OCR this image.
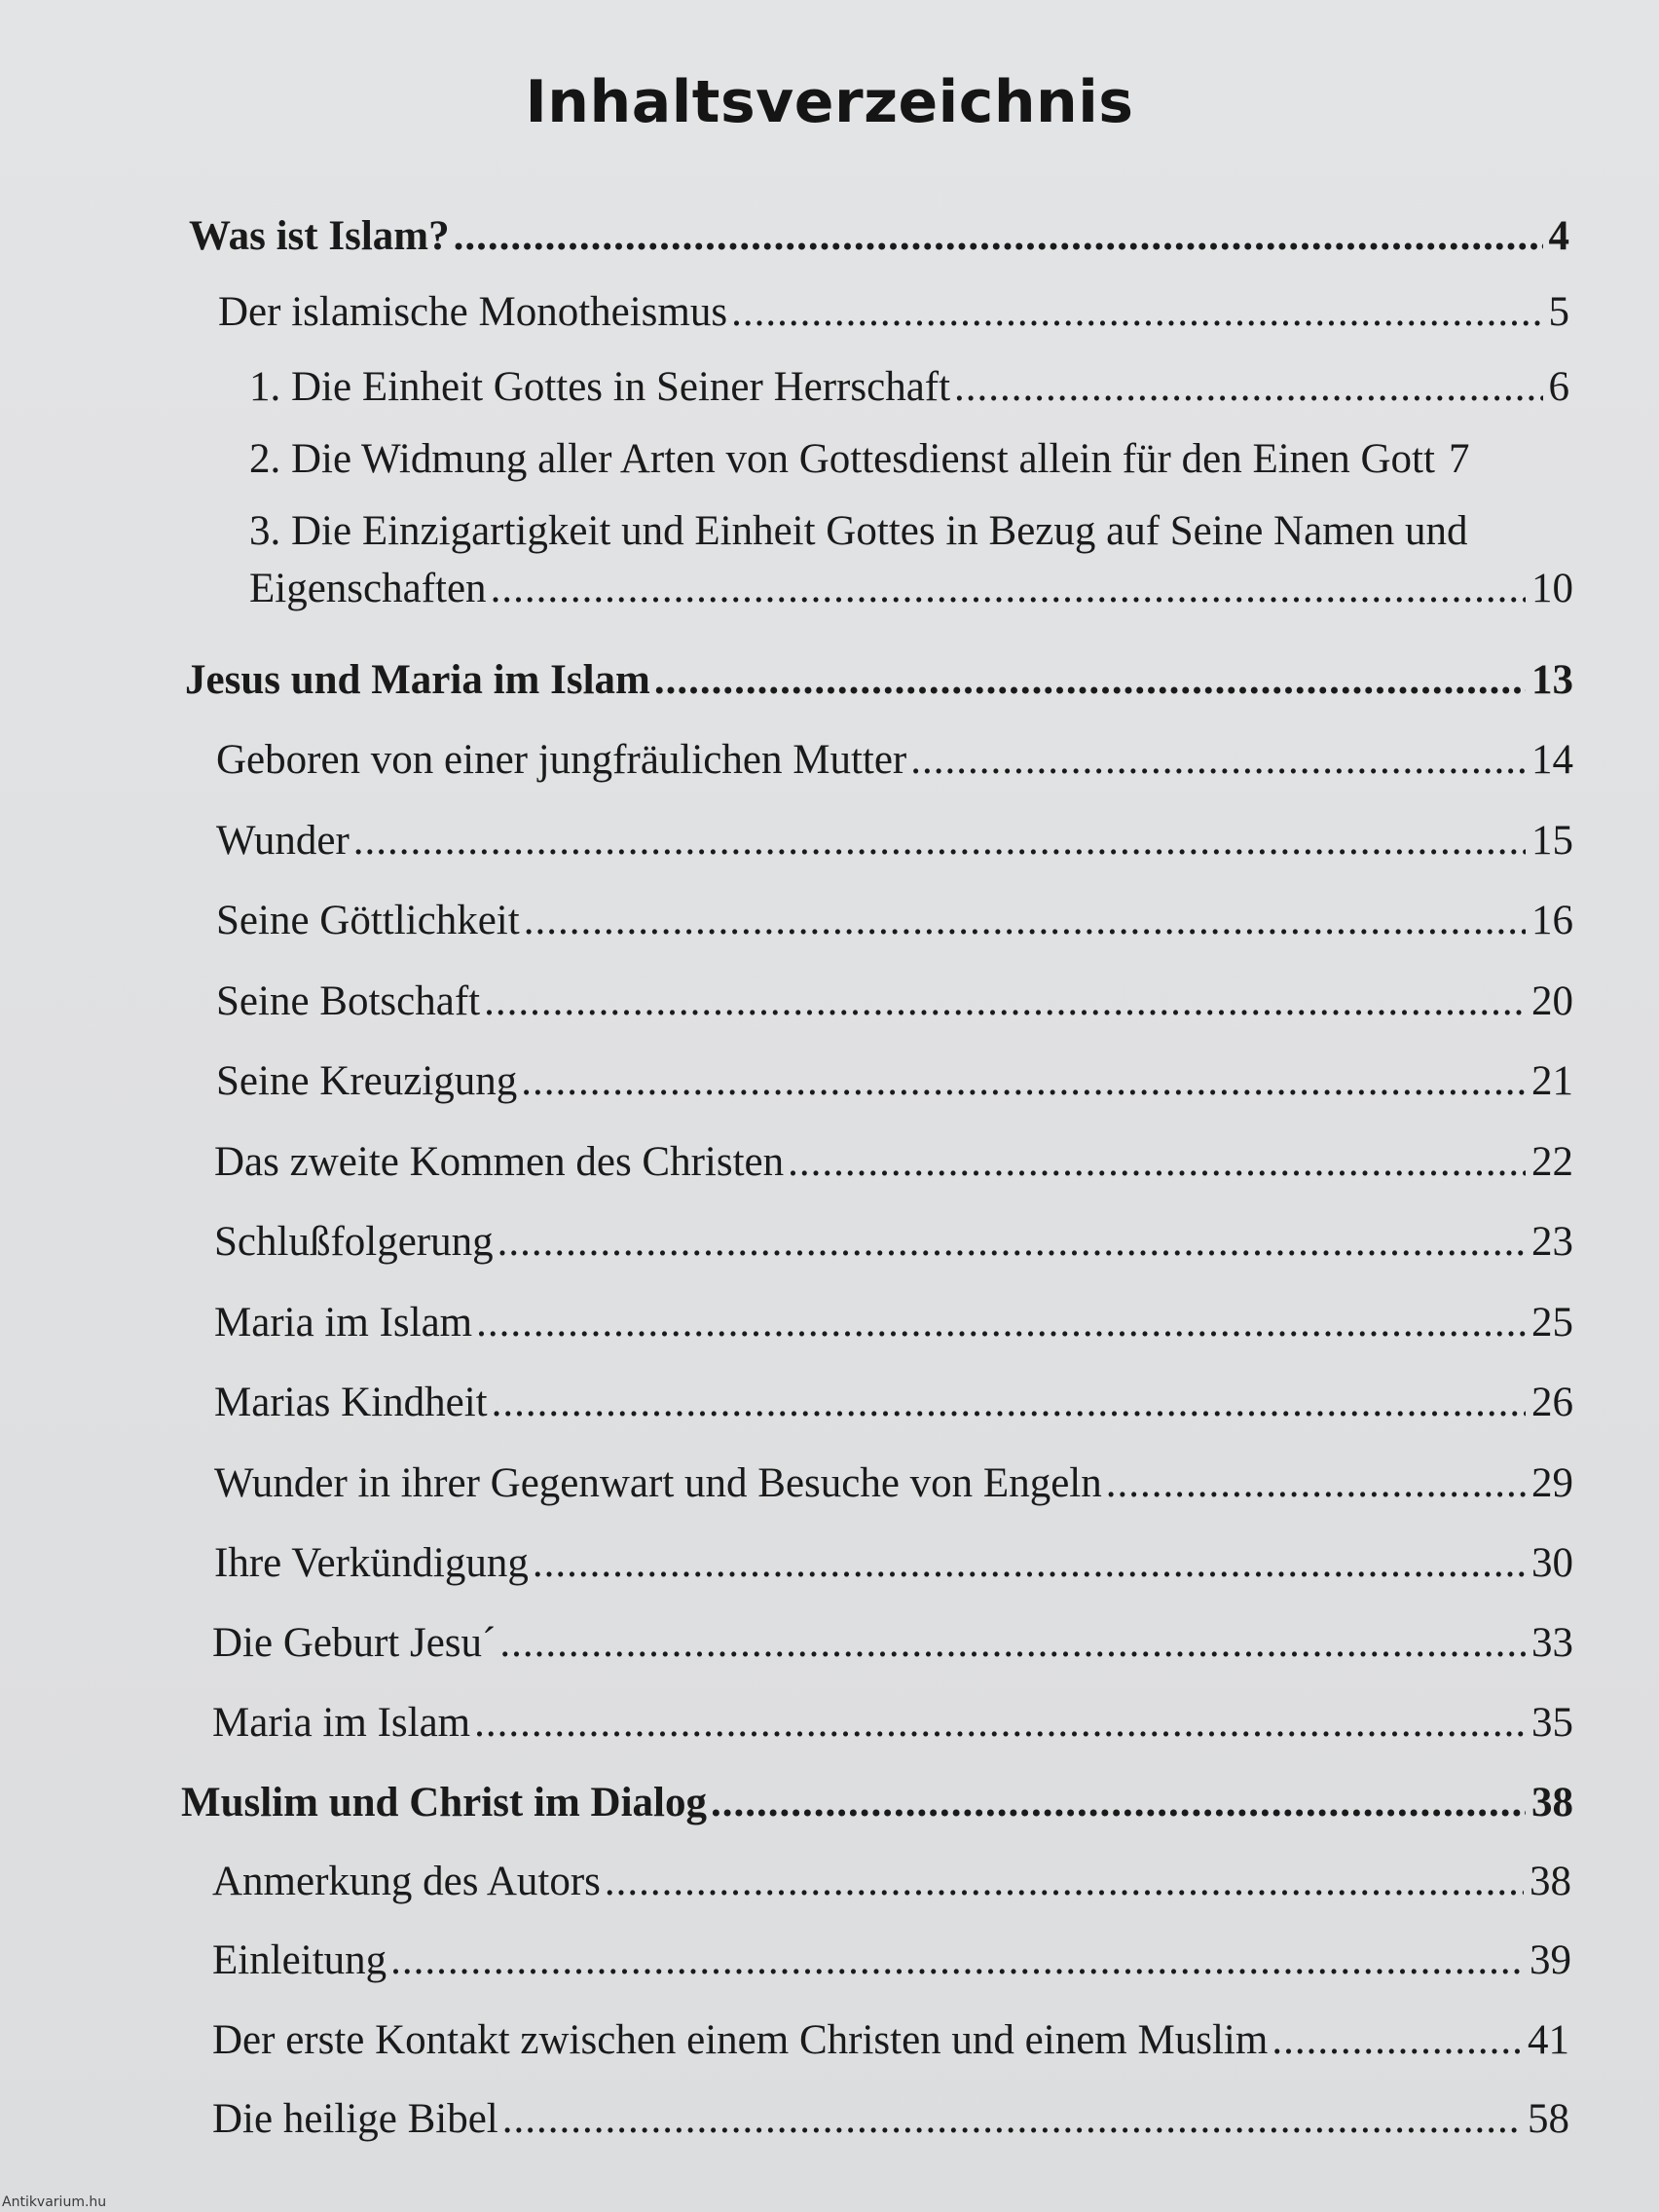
Inhaltsverzeichnis
Was ist Islam? .....	4
Der islamische Monotheismus .....	5
1. Die Einheit Gottes in Seiner Herrschaft .....	6
2. Die Widmung aller Arten von Gottesdienst allein für den Einen Gott 7
3. Die Einzigartigkeit und Einheit Gottes in Bezug auf Seine Namen und
Eigenschaften .....	10
Jesus und Maria im Islam .....	13
Geboren von einer jungfräulichen Mutter .....	14
Wunder .....	15
Seine Göttlichkeit .....	16
Seine Botschaft .....	20
Seine Kreuzigung .....	21
Das zweite Kommen des Christen .....	22
Schlußfolgerung .....	23
Maria im Islam .....	25
Marias Kindheit .....	26
Wunder in ihrer Gegenwart und Besuche von Engeln .....	29
Ihre Verkündigung .....	30
Die Geburt Jesu´ .....	33
Maria im Islam .....	35
Muslim und Christ im Dialog .....	38
Anmerkung des Autors .....	38
Einleitung .....	39
Der erste Kontakt zwischen einem Christen und einem Muslim .....	41
Die heilige Bibel .....	58
Antikvarium.hu
